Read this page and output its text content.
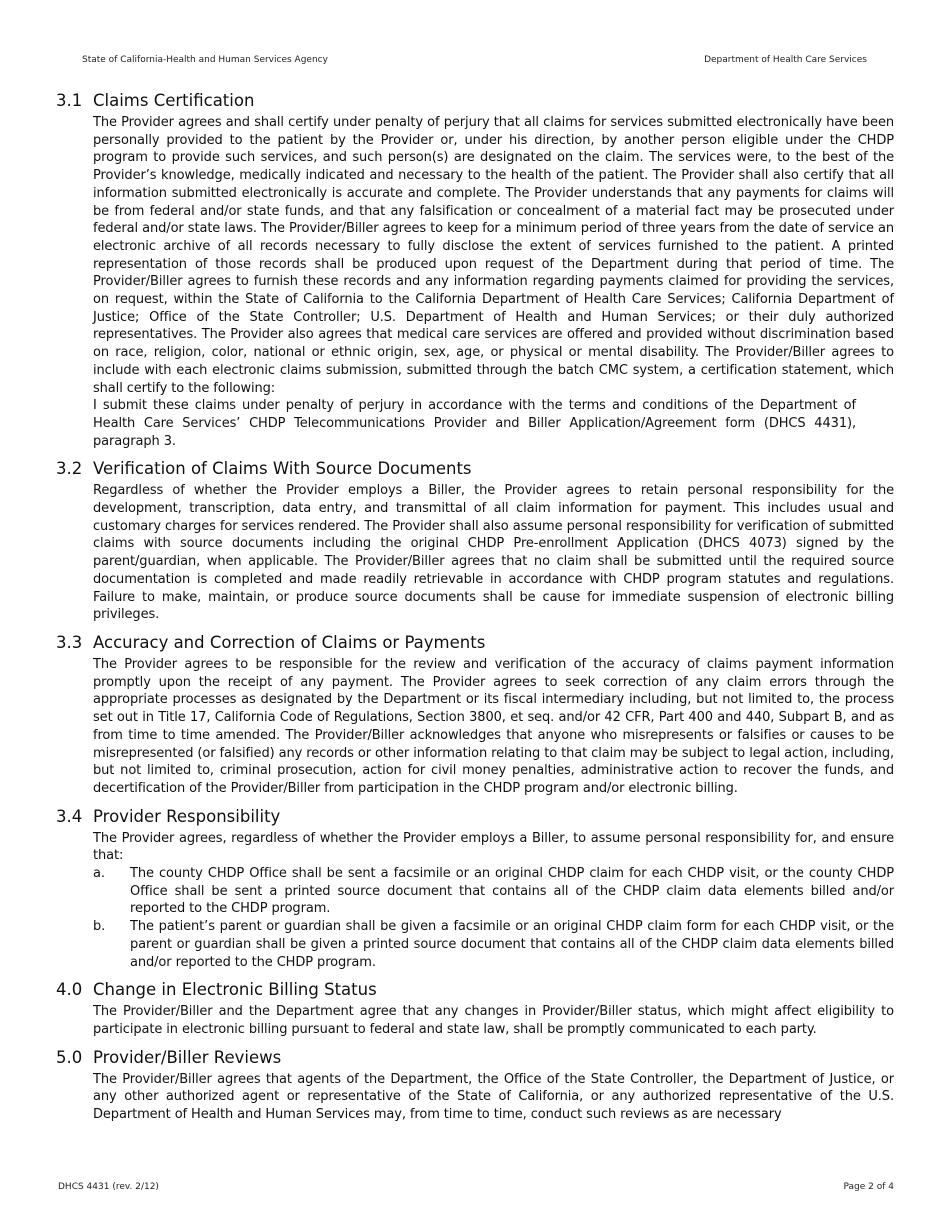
State of California-Health and Human Services Agency	Department of Health Care Services
3.1 Claims Certification
The Provider agrees and shall certify under penalty of perjury that all claims for services submitted electronically have been personally provided to the patient by the Provider or, under his direction, by another person eligible under the CHDP program to provide such services, and such person(s) are designated on the claim. The services were, to the best of the Provider’s knowledge, medically indicated and necessary to the health of the patient. The Provider shall also certify that all information submitted electronically is accurate and complete. The Provider understands that any payments for claims will be from federal and/or state funds, and that any falsification or concealment of a material fact may be prosecuted under federal and/or state laws. The Provider/Biller agrees to keep for a minimum period of three years from the date of service an electronic archive of all records necessary to fully disclose the extent of services furnished to the patient. A printed representation of those records shall be produced upon request of the Department during that period of time. The Provider/Biller agrees to furnish these records and any information regarding payments claimed for providing the services, on request, within the State of California to the California Department of Health Care Services; California Department of Justice; Office of the State Controller; U.S. Department of Health and Human Services; or their duly authorized representatives. The Provider also agrees that medical care services are offered and provided without discrimination based on race, religion, color, national or ethnic origin, sex, age, or physical or mental disability. The Provider/Biller agrees to include with each electronic claims submission, submitted through the batch CMC system, a certification statement, which shall certify to the following:
I submit these claims under penalty of perjury in accordance with the terms and conditions of the Department of Health Care Services’ CHDP Telecommunications Provider and Biller Application/Agreement form (DHCS 4431), paragraph 3.
3.2 Verification of Claims With Source Documents
Regardless of whether the Provider employs a Biller, the Provider agrees to retain personal responsibility for the development, transcription, data entry, and transmittal of all claim information for payment. This includes usual and customary charges for services rendered. The Provider shall also assume personal responsibility for verification of submitted claims with source documents including the original CHDP Pre-enrollment Application (DHCS 4073) signed by the parent/guardian, when applicable. The Provider/Biller agrees that no claim shall be submitted until the required source documentation is completed and made readily retrievable in accordance with CHDP program statutes and regulations. Failure to make, maintain, or produce source documents shall be cause for immediate suspension of electronic billing privileges.
3.3 Accuracy and Correction of Claims or Payments
The Provider agrees to be responsible for the review and verification of the accuracy of claims payment information promptly upon the receipt of any payment. The Provider agrees to seek correction of any claim errors through the appropriate processes as designated by the Department or its fiscal intermediary including, but not limited to, the process set out in Title 17, California Code of Regulations, Section 3800, et seq. and/or 42 CFR, Part 400 and 440, Subpart B, and as from time to time amended. The Provider/Biller acknowledges that anyone who misrepresents or falsifies or causes to be misrepresented (or falsified) any records or other information relating to that claim may be subject to legal action, including, but not limited to, criminal prosecution, action for civil money penalties, administrative action to recover the funds, and decertification of the Provider/Biller from participation in the CHDP program and/or electronic billing.
3.4 Provider Responsibility
The Provider agrees, regardless of whether the Provider employs a Biller, to assume personal responsibility for, and ensure that:
a.	The county CHDP Office shall be sent a facsimile or an original CHDP claim for each CHDP visit, or the county CHDP Office shall be sent a printed source document that contains all of the CHDP claim data elements billed and/or reported to the CHDP program.
b.	The patient’s parent or guardian shall be given a facsimile or an original CHDP claim form for each CHDP visit, or the parent or guardian shall be given a printed source document that contains all of the CHDP claim data elements billed and/or reported to the CHDP program.
4.0 Change in Electronic Billing Status
The Provider/Biller and the Department agree that any changes in Provider/Biller status, which might affect eligibility to participate in electronic billing pursuant to federal and state law, shall be promptly communicated to each party.
5.0 Provider/Biller Reviews
The Provider/Biller agrees that agents of the Department, the Office of the State Controller, the Department of Justice, or any other authorized agent or representative of the State of California, or any authorized representative of the U.S. Department of Health and Human Services may, from time to time, conduct such reviews as are necessary
DHCS 4431 (rev. 2/12)	Page 2 of 4
